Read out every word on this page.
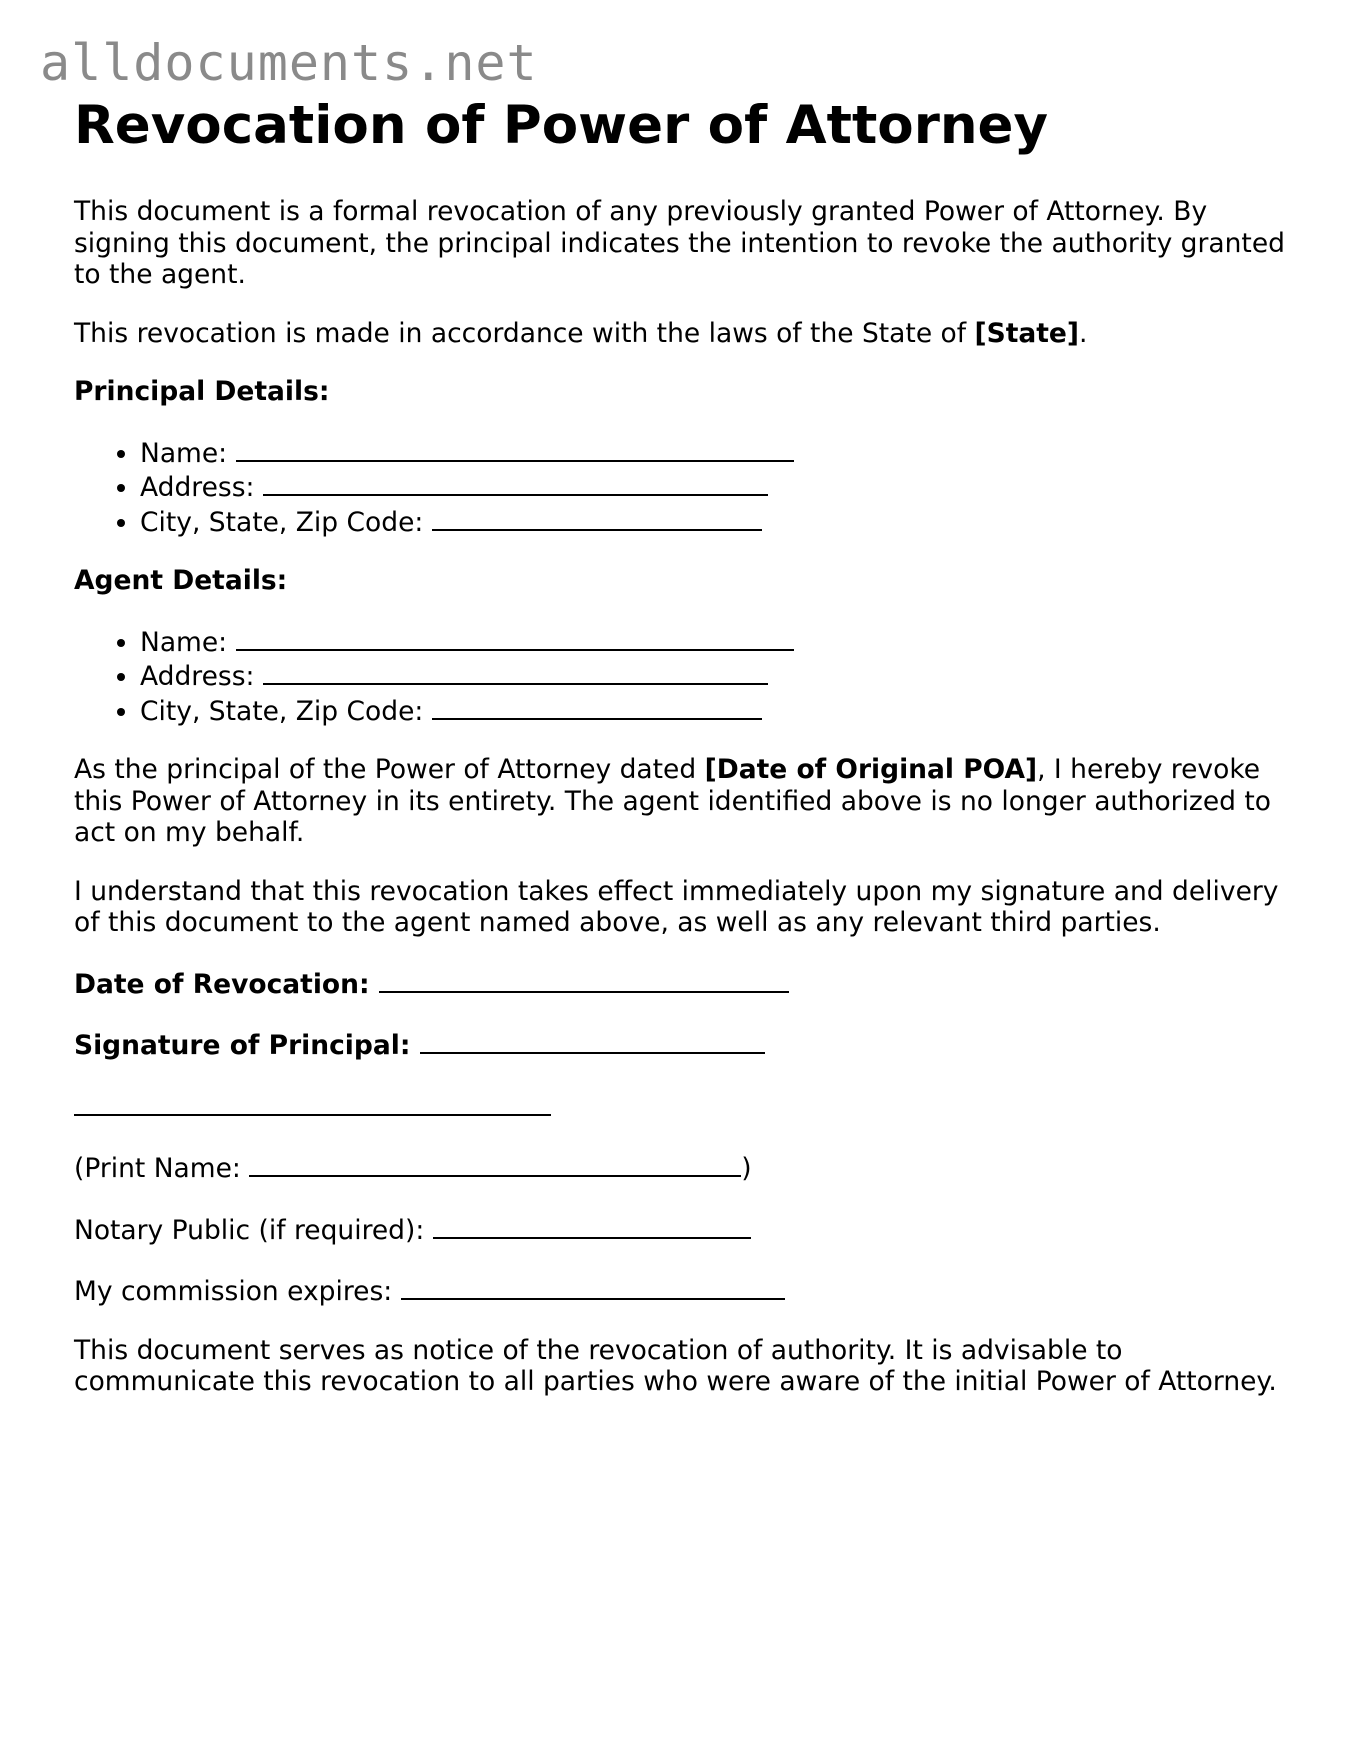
alldocuments.net
Revocation of Power of Attorney

This document is a formal revocation of any previously granted Power of Attorney. By signing this document, the principal indicates the intention to revoke the authority granted to the agent.

This revocation is made in accordance with the laws of the State of [State].

Principal Details:
• Name:
• Address:
• City, State, Zip Code:
Agent Details:
• Name:
• Address:
• City, State, Zip Code:

As the principal of the Power of Attorney dated [Date of Original POA], I hereby revoke this Power of Attorney in its entirety. The agent identified above is no longer authorized to act on my behalf.

I understand that this revocation takes effect immediately upon my signature and delivery of this document to the agent named above, as well as any relevant third parties.

Date of Revocation:

Signature of Principal:

(Print Name:	)

Notary Public (if required):

My commission expires:

This document serves as notice of the revocation of authority. It is advisable to communicate this revocation to all parties who were aware of the initial Power of Attorney.
